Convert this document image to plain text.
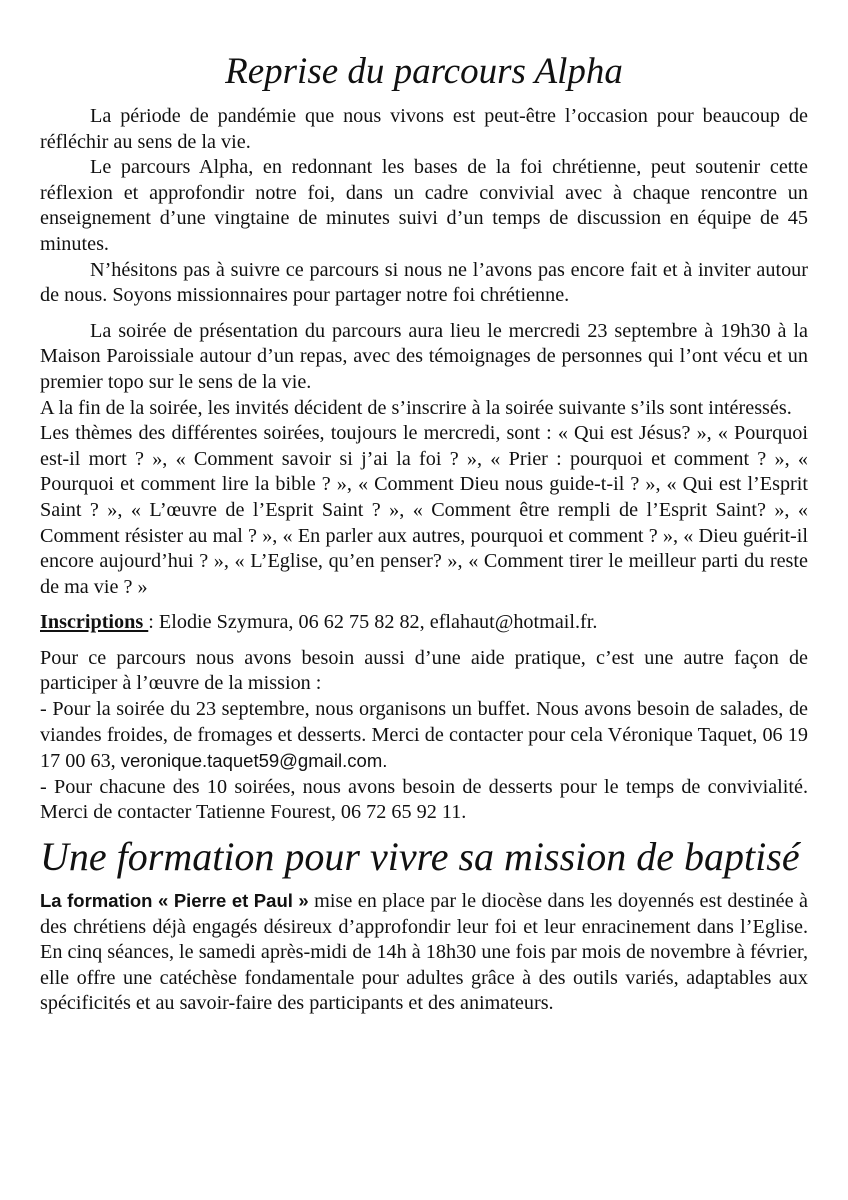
Reprise du parcours Alpha

La période de pandémie que nous vivons est peut-être l’occasion pour beaucoup de réfléchir au sens de la vie.

Le parcours Alpha, en redonnant les bases de la foi chrétienne, peut soutenir cette réflexion et approfondir notre foi, dans un cadre convivial avec à chaque rencontre un enseignement d’une vingtaine de minutes suivi d’un temps de discussion en équipe de 45 minutes.

N’hésitons pas à suivre ce parcours si nous ne l’avons pas encore fait et à inviter autour de nous. Soyons missionnaires pour partager notre foi chrétienne.

La soirée de présentation du parcours aura lieu le mercredi 23 septembre à 19h30 à la Maison Paroissiale autour d’un repas, avec des témoignages de personnes qui l’ont vécu et un premier topo sur le sens de la vie.

A la fin de la soirée, les invités décident de s’inscrire à la soirée suivante s’ils sont intéressés.

Les thèmes des différentes soirées, toujours le mercredi, sont : « Qui est Jésus? », « Pourquoi est-il mort ? », « Comment savoir si j’ai la foi ? », « Prier : pourquoi et comment ? », « Pourquoi et comment lire la bible ? », « Comment Dieu nous guide-t-il ? », « Qui est l’Esprit Saint ? », « L’œuvre de l’Esprit Saint ? », « Comment être rempli de l’Esprit Saint? », « Comment résister au mal ? », « En parler aux autres, pourquoi et comment ? », « Dieu guérit-il encore aujourd’hui ? », « L’Eglise, qu’en penser? », « Comment tirer le meilleur parti du reste de ma vie ? »

Inscriptions : Elodie Szymura, 06 62 75 82 82, eflahaut@hotmail.fr.

Pour ce parcours nous avons besoin aussi d’une aide pratique, c’est une autre façon de participer à l’œuvre de la mission :

- Pour la soirée du 23 septembre, nous organisons un buffet. Nous avons besoin de salades, de viandes froides, de fromages et desserts. Merci de contacter pour cela Véronique Taquet, 06 19 17 00 63, veronique.taquet59@gmail.com.

- Pour chacune des 10 soirées, nous avons besoin de desserts pour le temps de convivialité. Merci de contacter Tatienne Fourest, 06 72 65 92 11.

Une formation pour vivre sa mission de baptisé

La formation « Pierre et Paul » mise en place par le diocèse dans les doyennés est destinée à des chrétiens déjà engagés désireux d’approfondir leur foi et leur enracinement dans l’Eglise. En cinq séances, le samedi après-midi de 14h à 18h30 une fois par mois de novembre à février, elle offre une catéchèse fondamentale pour adultes grâce à des outils variés, adaptables aux spécificités et au savoir-faire des participants et des animateurs.
